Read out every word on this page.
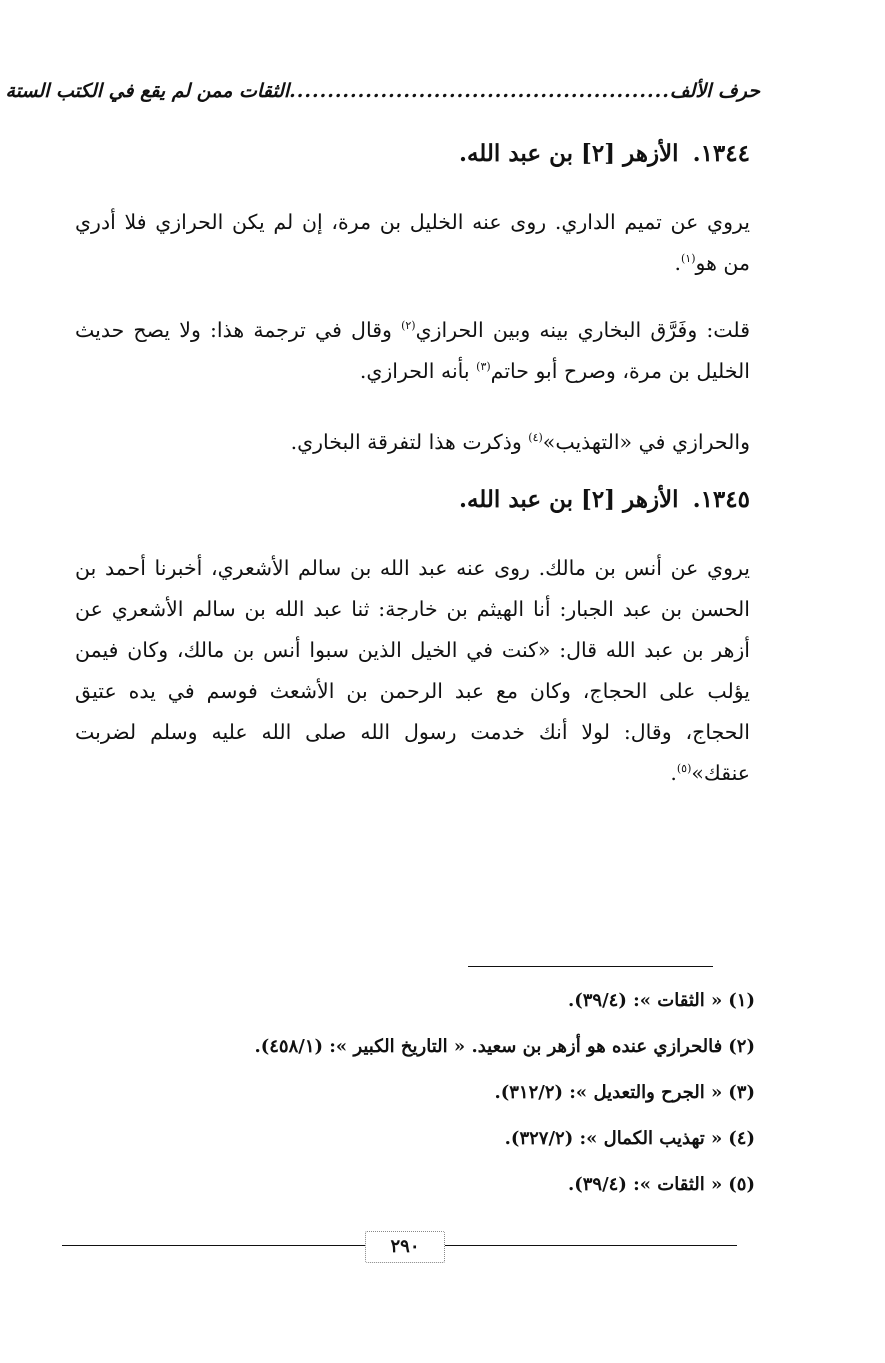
حرف الألف
..................................................
الثقات ممن لم يقع في الكتب الستة
١٣٤٤.الأزهر [٢] بن عبد الله.
يروي عن تميم الداري. روى عنه الخليل بن مرة، إن لم يكن الحرازي فلا أدري من هو$^{(١)}$.
قلت: وفَرَّق البخاري بينه وبين الحرازي$^{(٢)}$ وقال في ترجمة هذا: ولا يصح حديث الخليل بن مرة، وصرح أبو حاتم$^{(٣)}$ بأنه الحرازي.
والحرازي في «التهذيب»$^{(٤)}$ وذكرت هذا لتفرقة البخاري.
١٣٤٥.الأزهر [٢] بن عبد الله.
يروي عن أنس بن مالك. روى عنه عبد الله بن سالم الأشعري، أخبرنا أحمد بن الحسن بن عبد الجبار: أنا الهيثم بن خارجة: ثنا عبد الله بن سالم الأشعري عن أزهر بن عبد الله قال: «كنت في الخيل الذين سبوا أنس بن مالك، وكان فيمن يؤلب على الحجاج، وكان مع عبد الرحمن بن الأشعث فوسم في يده عتيق الحجاج، وقال: لولا أنك خدمت رسول الله صلى الله عليه وسلم لضربت عنقك»$^{(٥)}$.
(١)« الثقات »: (٣٩/٤).
(٢)فالحرازي عنده هو أزهر بن سعيد. « التاريخ الكبير »: (٤٥٨/١).
(٣)« الجرح والتعديل »: (٣١٢/٢).
(٤)« تهذيب الكمال »: (٣٢٧/٢).
(٥)« الثقات »: (٣٩/٤).
٢٩٠
